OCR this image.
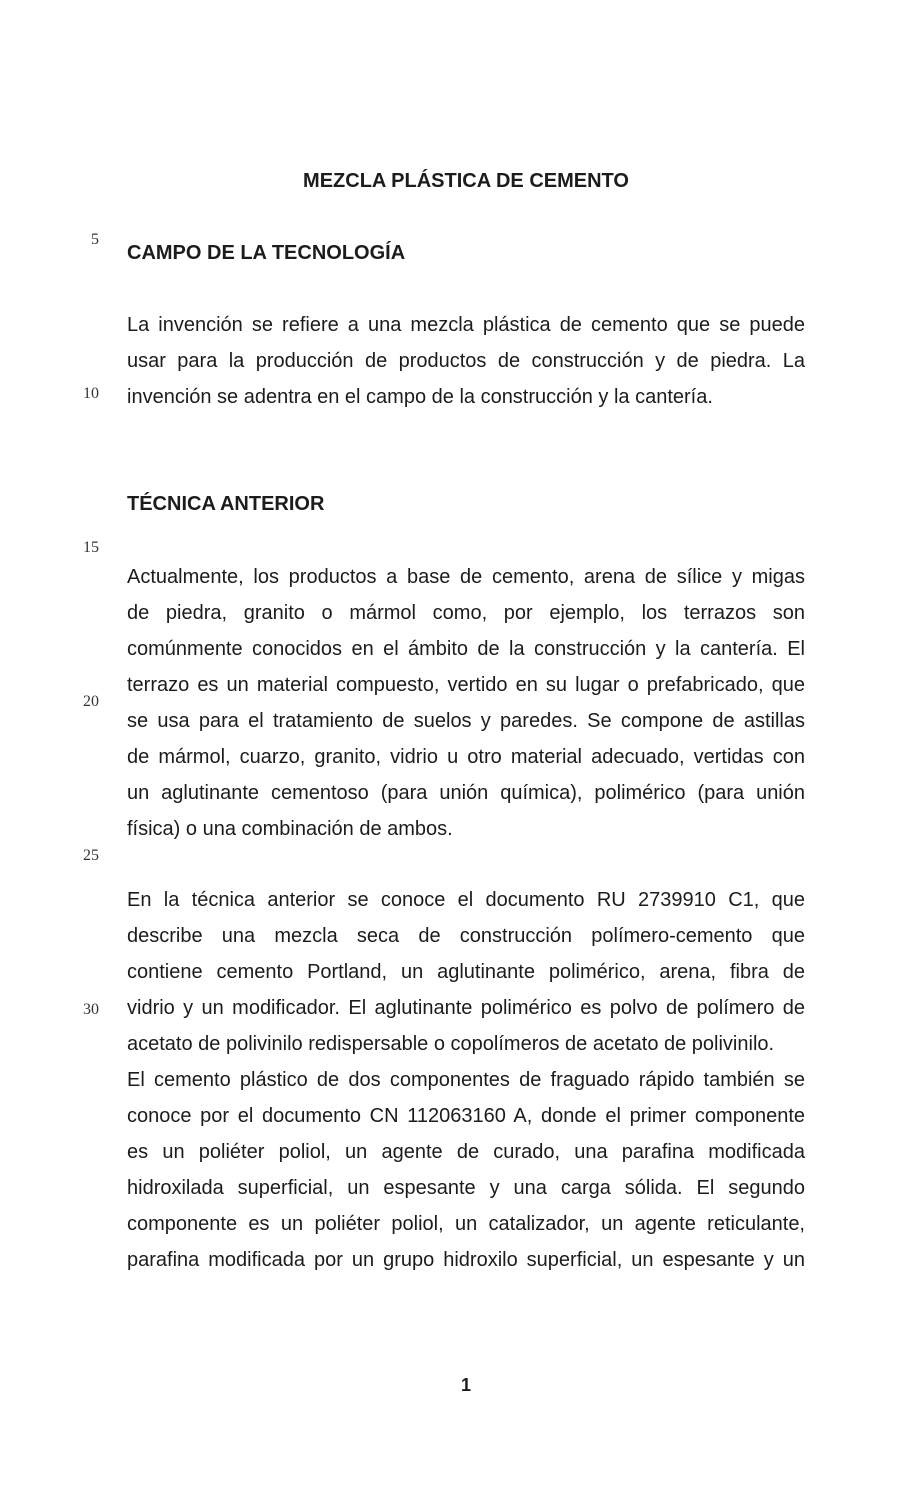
MEZCLA PLÁSTICA DE CEMENTO
5
10
15
20
25
30
CAMPO DE LA TECNOLOGÍA
La invención se refiere a una mezcla plástica de cemento que se puede
usar para la producción de productos de construcción y de piedra. La
invención se adentra en el campo de la construcción y la cantería.
TÉCNICA ANTERIOR
Actualmente, los productos a base de cemento, arena de sílice y migas
de piedra, granito o mármol como, por ejemplo, los terrazos son
comúnmente conocidos en el ámbito de la construcción y la cantería. El
terrazo es un material compuesto, vertido en su lugar o prefabricado, que
se usa para el tratamiento de suelos y paredes. Se compone de astillas
de mármol, cuarzo, granito, vidrio u otro material adecuado, vertidas con
un aglutinante cementoso (para unión química), polimérico (para unión
física) o una combinación de ambos.
En la técnica anterior se conoce el documento RU 2739910 C1, que
describe una mezcla seca de construcción polímero-cemento que
contiene cemento Portland, un aglutinante polimérico, arena, fibra de
vidrio y un modificador. El aglutinante polimérico es polvo de polímero de
acetato de polivinilo redispersable o copolímeros de acetato de polivinilo.
El cemento plástico de dos componentes de fraguado rápido también se
conoce por el documento CN 112063160 A, donde el primer componente
es un poliéter poliol, un agente de curado, una parafina modificada
hidroxilada superficial, un espesante y una carga sólida. El segundo
componente es un poliéter poliol, un catalizador, un agente reticulante,
parafina modificada por un grupo hidroxilo superficial, un espesante y un
1
